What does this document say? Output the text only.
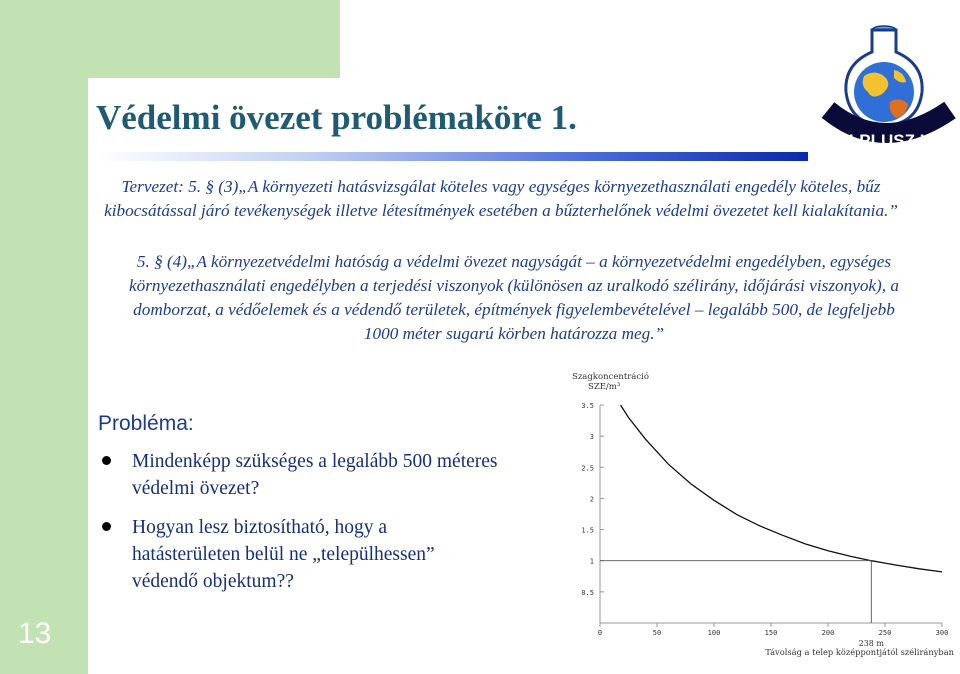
Védelmi övezet problémaköre 1.
KVI-PLUSZ KFT

Tervezet: 5. § (3)„A környezeti hatásvizsgálat köteles vagy egységes környezethasználati engedély köteles, bűz kibocsátással járó tevékenységek illetve létesítmények esetében a bűzterhelőnek védelmi övezetet kell kialakítania.”

5. § (4)„A környezetvédelmi hatóság a védelmi övezet nagyságát – a környezetvédelmi engedélyben, egységes környezethasználati engedélyben a terjedési viszonyok (különösen az uralkodó szélirány, időjárási viszonyok), a domborzat, a védőelemek és a védendő területek, építmények figyelembevételével – legalább 500, de legfeljebb 1000 méter sugarú körben határozza meg.”

Probléma:

Mindenképp szükséges a legalább 500 méteres védelmi övezet?
Hogyan lesz biztosítható, hogy a hatásterületen belül ne „települhessen” védendő objektum??
13
0.5
1
1.5
2
2.5
3
3.5
0	50	100	150	200	250	300
238 m
Szagkoncentráció
SZE/m³
Távolság a telep középpontjától szélirányban
